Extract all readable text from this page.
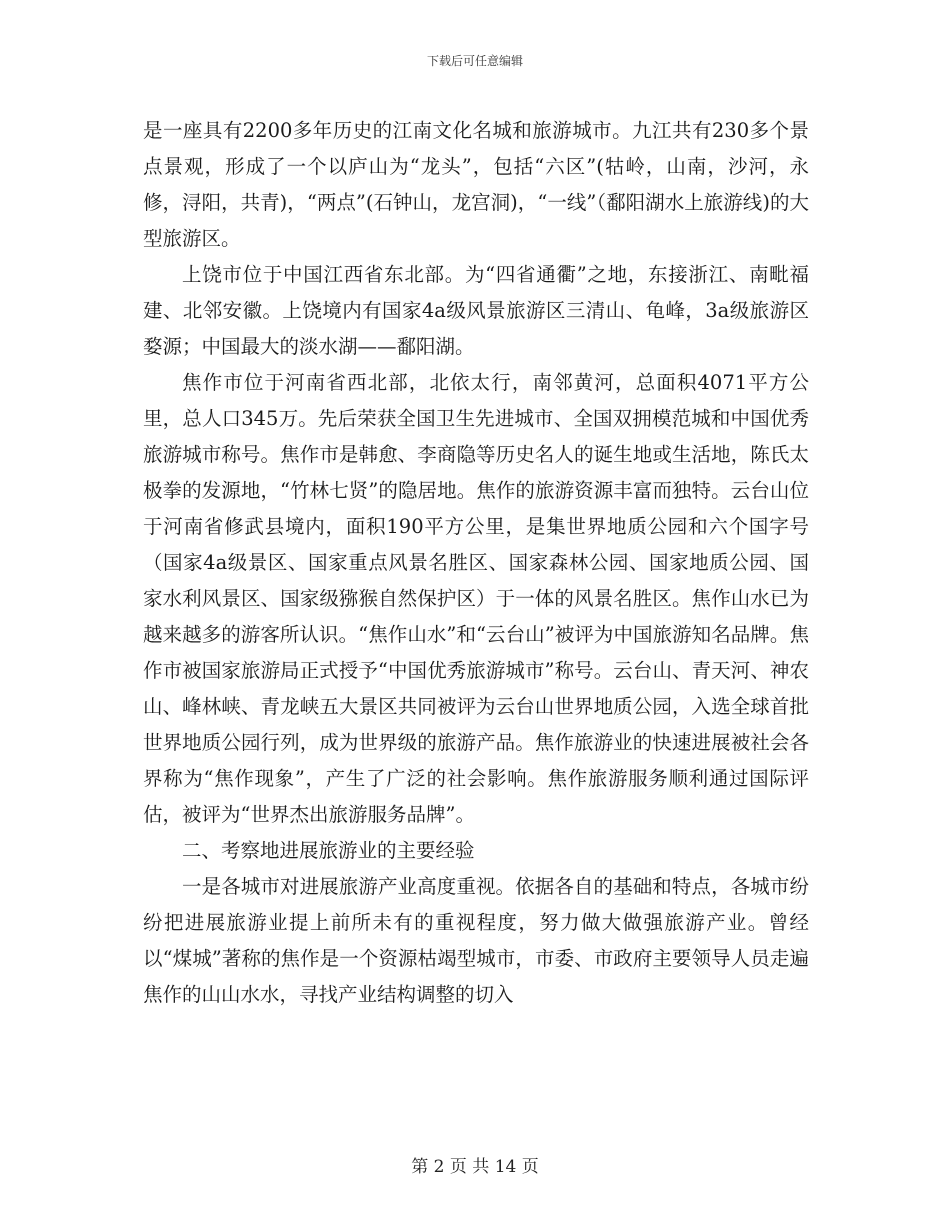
下载后可任意编辑

是一座具有2200多年历史的江南文化名城和旅游城市。九江共有230多个景点景观，形成了一个以庐山为“龙头”，包括“六区”(牯岭，山南，沙河，永修，浔阳，共青)，“两点”(石钟山，龙宫洞)，“一线”（鄱阳湖水上旅游线)的大型旅游区。

上饶市位于中国江西省东北部。为“四省通衢”之地，东接浙江、南毗福建、北邻安徽。上饶境内有国家4a级风景旅游区三清山、龟峰，3a级旅游区婺源；中国最大的淡水湖——鄱阳湖。

焦作市位于河南省西北部，北依太行，南邻黄河，总面积4071平方公里，总人口345万。先后荣获全国卫生先进城市、全国双拥模范城和中国优秀旅游城市称号。焦作市是韩愈、李商隐等历史名人的诞生地或生活地，陈氏太极拳的发源地，“竹林七贤”的隐居地。焦作的旅游资源丰富而独特。云台山位于河南省修武县境内，面积190平方公里，是集世界地质公园和六个国字号（国家4a级景区、国家重点风景名胜区、国家森林公园、国家地质公园、国家水利风景区、国家级猕猴自然保护区）于一体的风景名胜区。焦作山水已为越来越多的游客所认识。“焦作山水”和“云台山”被评为中国旅游知名品牌。焦作市被国家旅游局正式授予“中国优秀旅游城市”称号。云台山、青天河、神农山、峰林峡、青龙峡五大景区共同被评为云台山世界地质公园，入选全球首批世界地质公园行列，成为世界级的旅游产品。焦作旅游业的快速进展被社会各界称为“焦作现象”，产生了广泛的社会影响。焦作旅游服务顺利通过国际评估，被评为“世界杰出旅游服务品牌”。

二、考察地进展旅游业的主要经验

一是各城市对进展旅游产业高度重视。依据各自的基础和特点，各城市纷纷把进展旅游业提上前所未有的重视程度，努力做大做强旅游产业。曾经以“煤城”著称的焦作是一个资源枯竭型城市，市委、市政府主要领导人员走遍焦作的山山水水，寻找产业结构调整的切入

第 2 页 共 14 页
